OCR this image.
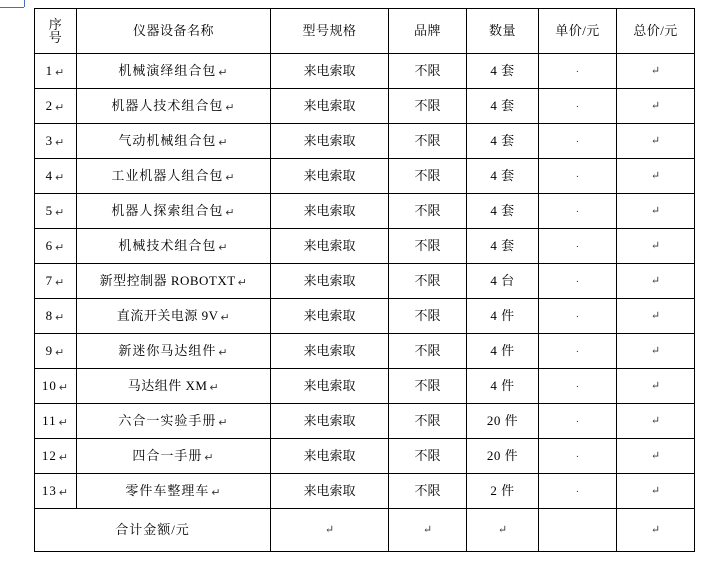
序
号	仪器设备名称	型号规格	品牌	数量	单价/元	总价/元
1 ↵	机械演绎组合包 ↵	来电索取	不限	4 套	·	↵

2 ↵	机器人技术组合包 ↵	来电索取	不限	4 套	·	↵

3 ↵	气动机械组合包 ↵	来电索取	不限	4 套	·	↵

4 ↵	工业机器人组合包 ↵	来电索取	不限	4 套	·	↵

5 ↵	机器人探索组合包 ↵	来电索取	不限	4 套	·	↵

6 ↵	机械技术组合包 ↵	来电索取	不限	4 套	·	↵

7 ↵	新型控制器 ROBOTXT ↵	来电索取	不限	4 台	·	↵

8 ↵	直流开关电源 9V ↵	来电索取	不限	4 件	·	↵

9 ↵	新迷你马达组件 ↵	来电索取	不限	4 件	·	↵

10 ↵	马达组件 XM ↵	来电索取	不限	4 件	·	↵

11 ↵	六合一实验手册 ↵	来电索取	不限	20 件	·	↵

12 ↵	四合一手册 ↵	来电索取	不限	20 件	·	↵

13 ↵	零件车整理车 ↵	来电索取	不限	2 件	·	↵

合计金额/元		↵	↵	↵		↵
